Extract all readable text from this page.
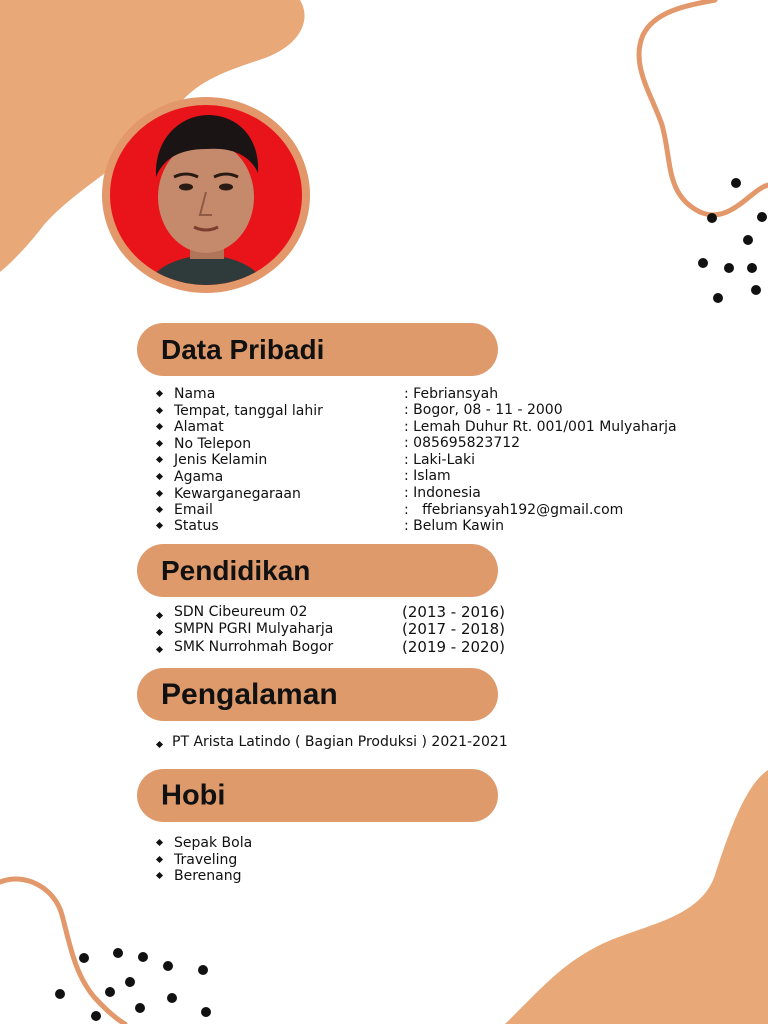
Data Pribadi
Nama	: Febriansyah
Tempat, tanggal lahir	: Bogor, 08 - 11 - 2000
Alamat	: Lemah Duhur Rt. 001/001 Mulyaharja
No Telepon	: 085695823712
Jenis Kelamin	: Laki-Laki
Agama	: Islam
Kewarganegaraan	: Indonesia
Email	:   ffebriansyah192@gmail.com
Status	: Belum Kawin
Pendidikan
SDN Cibeureum 02	(2013 - 2016)
SMPN PGRI Mulyaharja	(2017 - 2018)
SMK Nurrohmah Bogor	(2019 - 2020)
Pengalaman
PT Arista Latindo ( Bagian Produksi ) 2021-2021
Hobi
Sepak Bola
Traveling
Berenang
